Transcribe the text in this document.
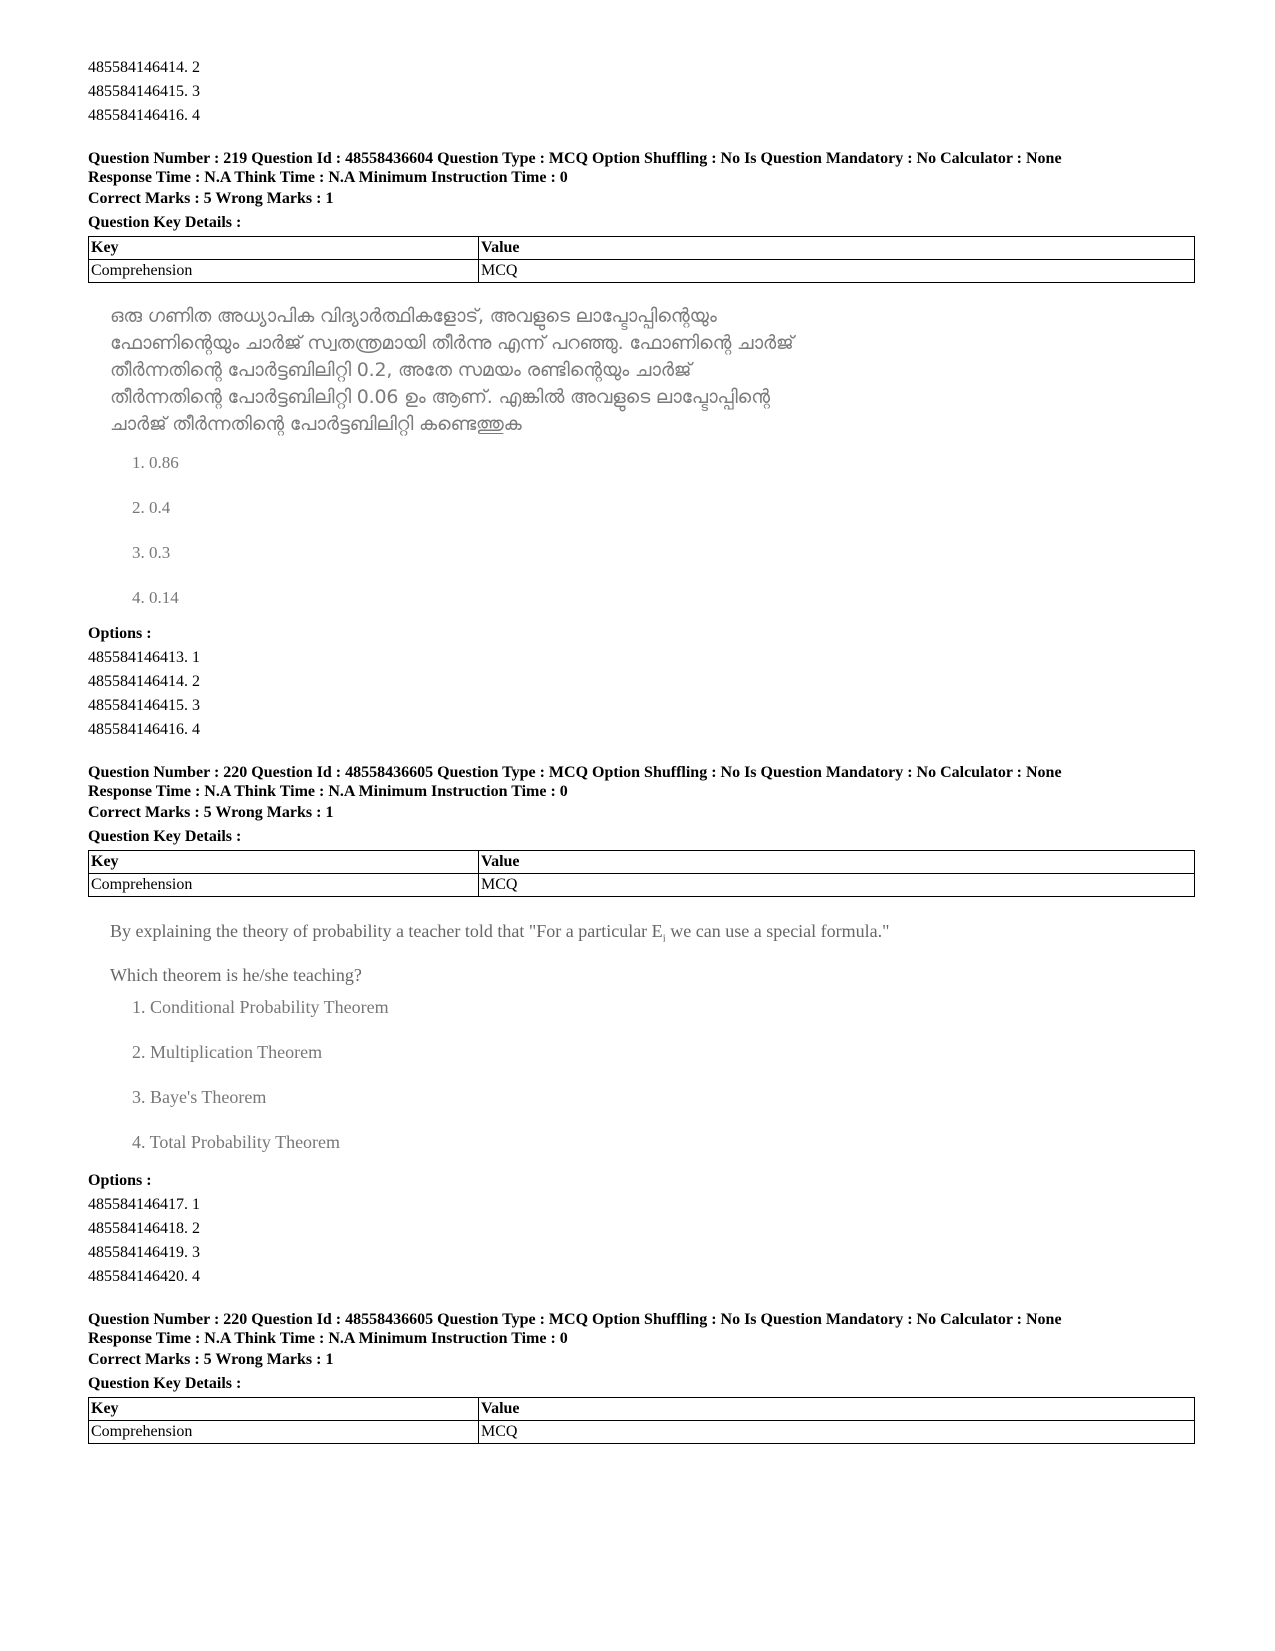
485584146414. 2
485584146415. 3
485584146416. 4
Question Number : 219 Question Id : 48558436604 Question Type : MCQ Option Shuffling : No Is Question Mandatory : No Calculator : None
Response Time : N.A Think Time : N.A Minimum Instruction Time : 0
Correct Marks : 5 Wrong Marks : 1
Question Key Details :
Key	Value
Comprehension	MCQ
ഒരു ഗണിത അധ്യാപിക വിദ്യാർത്ഥികളോട്, അവളുടെ ലാപ്ടോപ്പിന്റെയും
ഫോണിന്റെയും ചാർജ് സ്വതന്ത്രമായി തീർന്നു എന്ന് പറഞ്ഞു. ഫോണിന്റെ ചാർജ്
തീർന്നതിന്റെ പോർട്ടബിലിറ്റി 0.2, അതേ സമയം രണ്ടിന്റെയും ചാർജ്
തീർന്നതിന്റെ പോർട്ടബിലിറ്റി 0.06 ഉം ആണ്. എങ്കിൽ അവളുടെ ലാപ്ടോപ്പിന്റെ
ചാർജ് തീർന്നതിന്റെ പോർട്ടബിലിറ്റി കണ്ടെത്തുക
1. 0.86
2. 0.4
3. 0.3
4. 0.14
Options :
485584146413. 1
485584146414. 2
485584146415. 3
485584146416. 4
Question Number : 220 Question Id : 48558436605 Question Type : MCQ Option Shuffling : No Is Question Mandatory : No Calculator : None
Response Time : N.A Think Time : N.A Minimum Instruction Time : 0
Correct Marks : 5 Wrong Marks : 1
Question Key Details :
Key	Value
Comprehension	MCQ
By explaining the theory of probability a teacher told that "For a particular $E_i$ we can use a special formula."
Which theorem is he/she teaching?
1. Conditional Probability Theorem
2. Multiplication Theorem
3. Baye's Theorem
4. Total Probability Theorem
Options :
485584146417. 1
485584146418. 2
485584146419. 3
485584146420. 4
Question Number : 220 Question Id : 48558436605 Question Type : MCQ Option Shuffling : No Is Question Mandatory : No Calculator : None
Response Time : N.A Think Time : N.A Minimum Instruction Time : 0
Correct Marks : 5 Wrong Marks : 1
Question Key Details :
Key	Value
Comprehension	MCQ
